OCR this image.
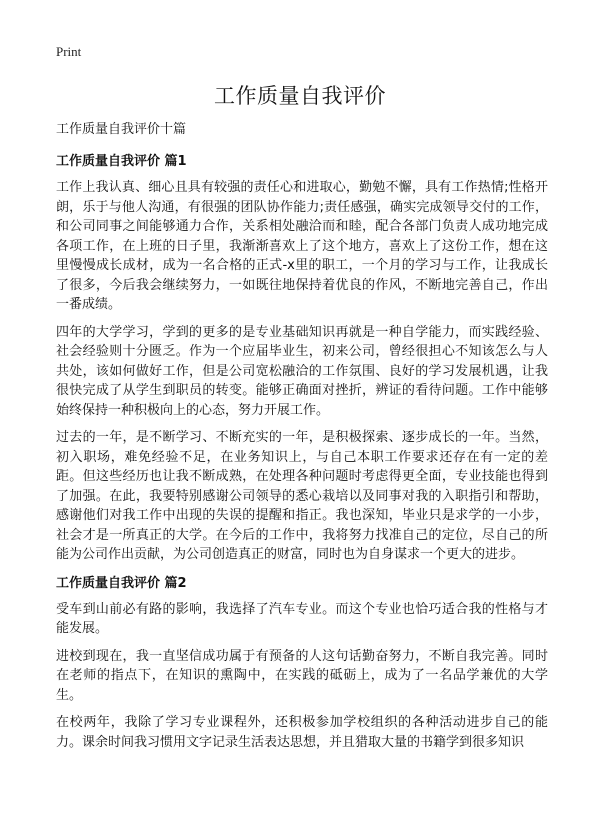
Print
工作质量自我评价

工作质量自我评价十篇

工作质量自我评价 篇1

工作上我认真、细心且具有较强的责任心和进取心，勤勉不懈，具有工作热情;性格开朗，乐于与他人沟通，有很强的团队协作能力;责任感强，确实完成领导交付的工作，和公司同事之间能够通力合作，关系相处融洽而和睦，配合各部门负责人成功地完成各项工作，在上班的日子里，我渐渐喜欢上了这个地方，喜欢上了这份工作，想在这里慢慢成长成材，成为一名合格的正式-x里的职工，一个月的学习与工作，让我成长了很多，今后我会继续努力，一如既往地保持着优良的作风，不断地完善自己，作出一番成绩。

四年的大学学习，学到的更多的是专业基础知识再就是一种自学能力，而实践经验、社会经验则十分匮乏。作为一个应届毕业生，初来公司，曾经很担心不知该怎么与人共处，该如何做好工作，但是公司宽松融洽的工作氛围、良好的学习发展机遇，让我很快完成了从学生到职员的转变。能够正确面对挫折，辨证的看待问题。工作中能够始终保持一种积极向上的心态，努力开展工作。

过去的一年，是不断学习、不断充实的一年，是积极探索、逐步成长的一年。当然，初入职场，难免经验不足，在业务知识上，与自己本职工作要求还存在有一定的差距。但这些经历也让我不断成熟，在处理各种问题时考虑得更全面，专业技能也得到了加强。在此，我要特别感谢公司领导的悉心栽培以及同事对我的入职指引和帮助，感谢他们对我工作中出现的失误的提醒和指正。我也深知，毕业只是求学的一小步，社会才是一所真正的大学。在今后的工作中，我将努力找准自己的定位，尽自己的所能为公司作出贡献，为公司创造真正的财富，同时也为自身谋求一个更大的进步。

工作质量自我评价 篇2

受车到山前必有路的影响，我选择了汽车专业。而这个专业也恰巧适合我的性格与才能发展。

进校到现在，我一直坚信成功属于有预备的人这句话勤奋努力，不断自我完善。同时在老师的指点下，在知识的熏陶中，在实践的砥砺上，成为了一名品学兼优的大学生。

在校两年，我除了学习专业课程外，还积极参加学校组织的各种活动进步自己的能力。课余时间我习惯用文字记录生活表达思想，并且猎取大量的书籍学到很多知识
